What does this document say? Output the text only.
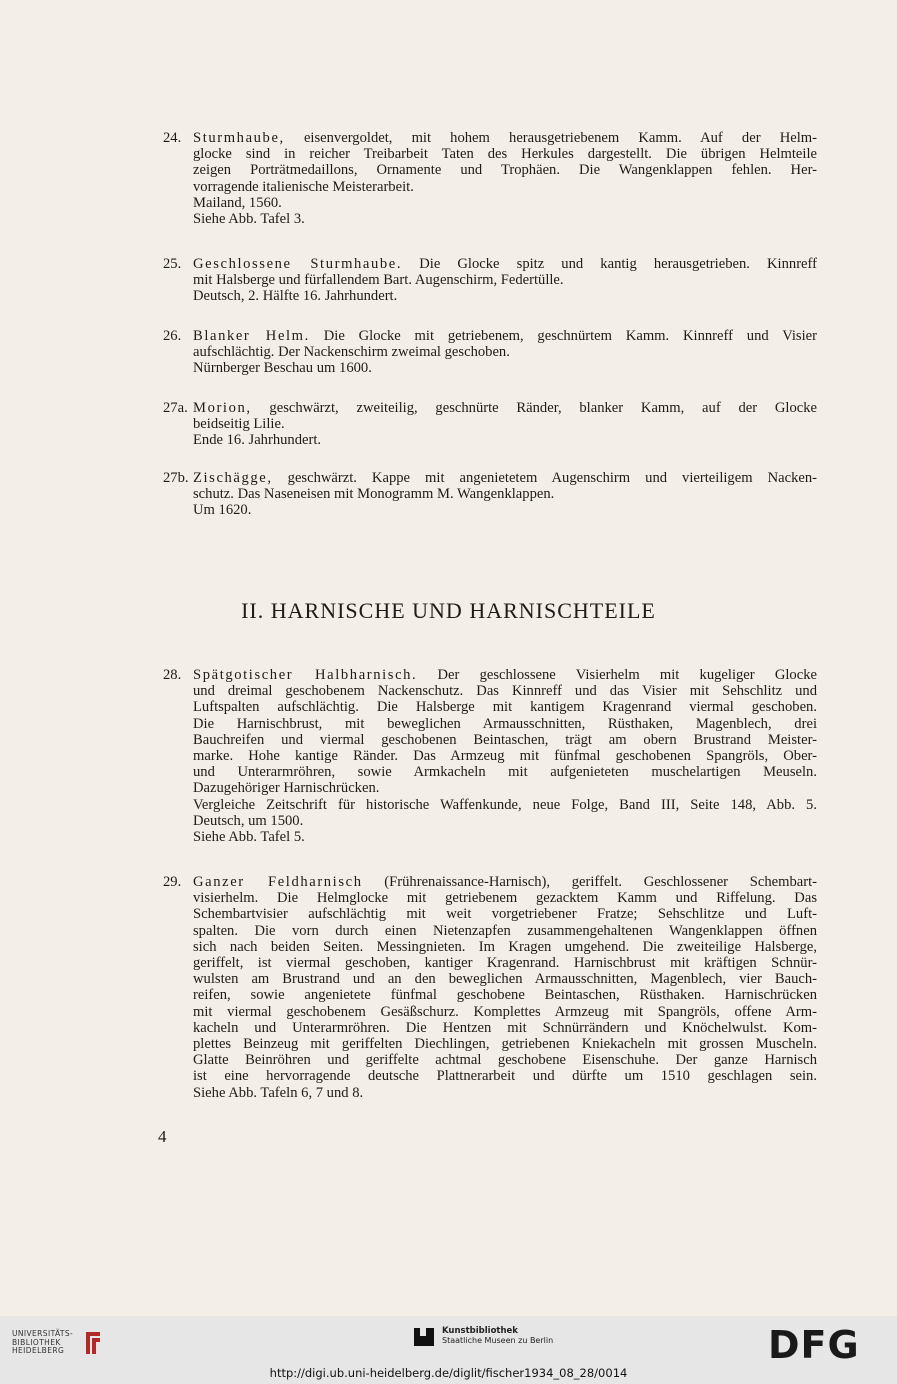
24. Sturmhaube, eisenvergoldet, mit hohem herausgetriebenem Kamm. Auf der Helm-
glocke sind in reicher Treibarbeit Taten des Herkules dargestellt. Die übrigen Helmteile
zeigen Porträtmedaillons, Ornamente und Trophäen. Die Wangenklappen fehlen. Her-
vorragende italienische Meisterarbeit.
Mailand, 1560.
Siehe Abb. Tafel 3.
25. Geschlossene Sturmhaube. Die Glocke spitz und kantig herausgetrieben. Kinnreff
mit Halsberge und fürfallendem Bart. Augenschirm, Federtülle.
Deutsch, 2. Hälfte 16. Jahrhundert.
26. Blanker Helm. Die Glocke mit getriebenem, geschnürtem Kamm. Kinnreff und Visier
aufschlächtig. Der Nackenschirm zweimal geschoben.
Nürnberger Beschau um 1600.
27a. Morion, geschwärzt, zweiteilig, geschnürte Ränder, blanker Kamm, auf der Glocke
beidseitig Lilie.
Ende 16. Jahrhundert.
27b. Zischägge, geschwärzt. Kappe mit angenietetem Augenschirm und vierteiligem Nacken-
schutz. Das Naseneisen mit Monogramm M. Wangenklappen.
Um 1620.
28. Spätgotischer Halbharnisch. Der geschlossene Visierhelm mit kugeliger Glocke
und dreimal geschobenem Nackenschutz. Das Kinnreff und das Visier mit Sehschlitz und
Luftspalten aufschlächtig. Die Halsberge mit kantigem Kragenrand viermal geschoben.
Die Harnischbrust, mit beweglichen Armausschnitten, Rüsthaken, Magenblech, drei
Bauchreifen und viermal geschobenen Beintaschen, trägt am obern Brustrand Meister-
marke. Hohe kantige Ränder. Das Armzeug mit fünfmal geschobenen Spangröls, Ober-
und Unterarmröhren, sowie Armkacheln mit aufgenieteten muschelartigen Meuseln.
Dazugehöriger Harnischrücken.
Vergleiche Zeitschrift für historische Waffenkunde, neue Folge, Band III, Seite 148, Abb. 5.
Deutsch, um 1500.
Siehe Abb. Tafel 5.
29. Ganzer Feldharnisch (Frührenaissance-Harnisch), geriffelt. Geschlossener Schembart-
visierhelm. Die Helmglocke mit getriebenem gezacktem Kamm und Riffelung. Das
Schembartvisier aufschlächtig mit weit vorgetriebener Fratze; Sehschlitze und Luft-
spalten. Die vorn durch einen Nietenzapfen zusammengehaltenen Wangenklappen öffnen
sich nach beiden Seiten. Messingnieten. Im Kragen umgehend. Die zweiteilige Halsberge,
geriffelt, ist viermal geschoben, kantiger Kragenrand. Harnischbrust mit kräftigen Schnür-
wulsten am Brustrand und an den beweglichen Armausschnitten, Magenblech, vier Bauch-
reifen, sowie angenietete fünfmal geschobene Beintaschen, Rüsthaken. Harnischrücken
mit viermal geschobenem Gesäßschurz. Komplettes Armzeug mit Spangröls, offene Arm-
kacheln und Unterarmröhren. Die Hentzen mit Schnürrändern und Knöchelwulst. Kom-
plettes Beinzeug mit geriffelten Diechlingen, getriebenen Kniekacheln mit grossen Muscheln.
Glatte Beinröhren und geriffelte achtmal geschobene Eisenschuhe. Der ganze Harnisch
ist eine hervorragende deutsche Plattnerarbeit und dürfte um 1510 geschlagen sein.
Siehe Abb. Tafeln 6, 7 und 8.
II. HARNISCHE UND HARNISCHTEILE
4
UNIVERSITÄTS-
BIBLIOTHEK
HEIDELBERG
Kunstbibliothek
Staatliche Museen zu Berlin	DFG
http://digi.ub.uni-heidelberg.de/diglit/fischer1934_08_28/0014
